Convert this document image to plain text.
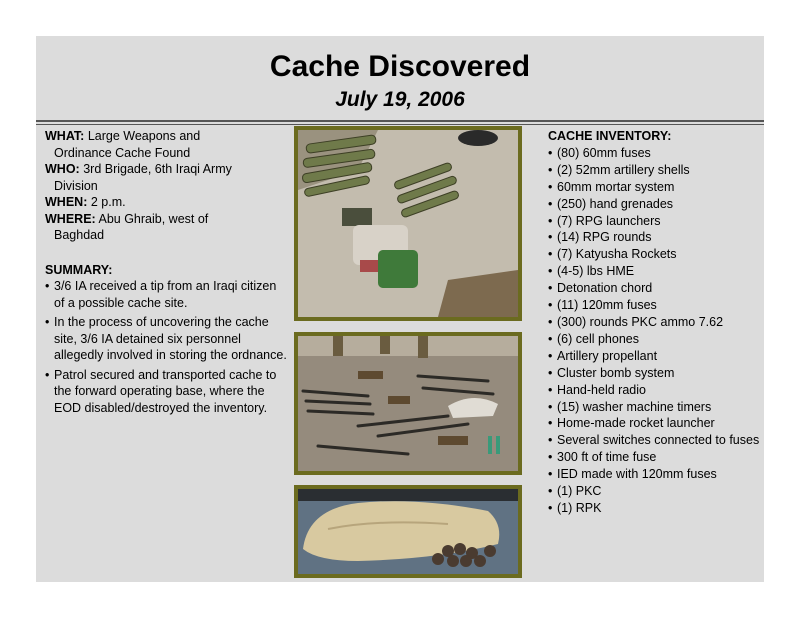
Cache Discovered
July 19, 2006
WHAT: Large Weapons and
Ordinance Cache Found
WHO: 3rd Brigade, 6th Iraqi Army
Division
WHEN: 2 p.m.
WHERE: Abu Ghraib, west of
Baghdad
SUMMARY:
• 3/6 IA received a tip from an Iraqi citizen of a possible cache site.
• In the process of uncovering the cache site, 3/6 IA detained six personnel allegedly involved in storing the ordnance.
• Patrol secured and transported cache to the forward operating base, where the EOD disabled/destroyed the inventory.
CACHE INVENTORY:
• (80) 60mm fuses
• (2) 52mm artillery shells
• 60mm mortar system
• (250) hand grenades
• (7) RPG launchers
• (14) RPG rounds
• (7) Katyusha Rockets
• (4-5) lbs HME
• Detonation chord
• (11) 120mm fuses
• (300) rounds PKC ammo 7.62
• (6) cell phones
• Artillery propellant
• Cluster bomb system
• Hand-held radio
• (15) washer machine timers
• Home-made rocket launcher
• Several switches connected to fuses
• 300 ft of time fuse
• IED made with 120mm fuses
• (1) PKC
• (1) RPK
